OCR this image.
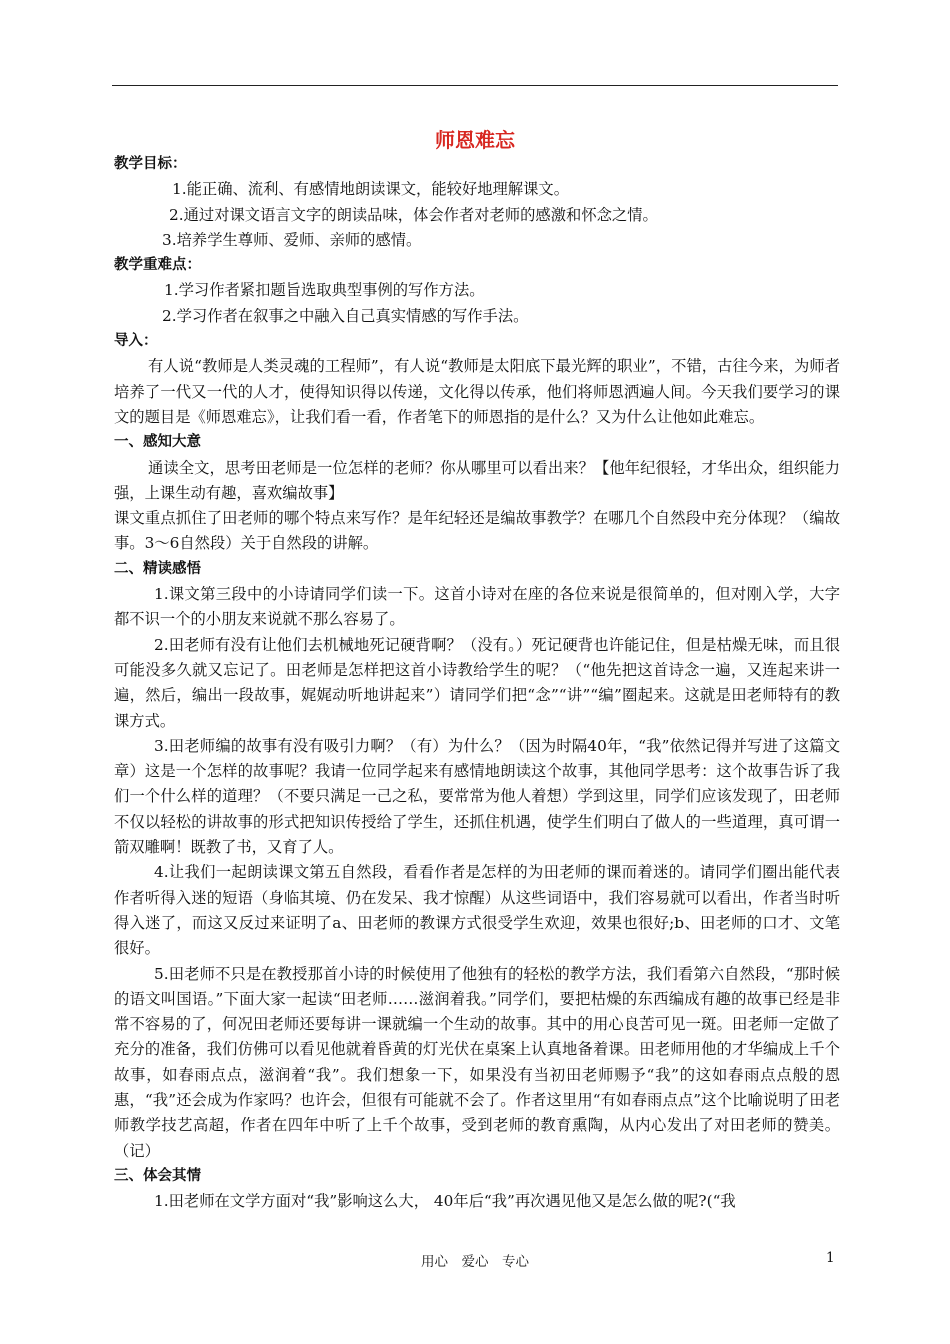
师恩难忘

教学目标：

1.能正确、流利、有感情地朗读课文，能较好地理解课文。

2.通过对课文语言文字的朗读品味，体会作者对老师的感激和怀念之情。

3.培养学生尊师、爱师、亲师的感情。

教学重难点：

1.学习作者紧扣题旨选取典型事例的写作方法。

2.学习作者在叙事之中融入自己真实情感的写作手法。

导入：

有人说“教师是人类灵魂的工程师”，有人说“教师是太阳底下最光辉的职业”，不错，古往今来，为师者培养了一代又一代的人才，使得知识得以传递，文化得以传承，他们将师恩洒遍人间。今天我们要学习的课文的题目是《师恩难忘》，让我们看一看，作者笔下的师恩指的是什么？又为什么让他如此难忘。

一、感知大意

通读全文，思考田老师是一位怎样的老师？你从哪里可以看出来？【他年纪很轻，才华出众，组织能力强，上课生动有趣，喜欢编故事】

课文重点抓住了田老师的哪个特点来写作？是年纪轻还是编故事教学？在哪几个自然段中充分体现？（编故事。3～6自然段）关于自然段的讲解。

二、精读感悟

1.课文第三段中的小诗请同学们读一下。这首小诗对在座的各位来说是很简单的，但对刚入学，大字都不识一个的小朋友来说就不那么容易了。

2.田老师有没有让他们去机械地死记硬背啊？（没有。）死记硬背也许能记住，但是枯燥无味，而且很可能没多久就又忘记了。田老师是怎样把这首小诗教给学生的呢？（“他先把这首诗念一遍，又连起来讲一遍，然后，编出一段故事，娓娓动听地讲起来”）请同学们把“念”“讲”“编”圈起来。这就是田老师特有的教课方式。

3.田老师编的故事有没有吸引力啊？（有）为什么？（因为时隔40年，“我”依然记得并写进了这篇文章）这是一个怎样的故事呢？我请一位同学起来有感情地朗读这个故事，其他同学思考：这个故事告诉了我们一个什么样的道理？（不要只满足一己之私，要常常为他人着想）学到这里，同学们应该发现了，田老师不仅以轻松的讲故事的形式把知识传授给了学生，还抓住机遇，使学生们明白了做人的一些道理，真可谓一箭双雕啊！既教了书，又育了人。

4.让我们一起朗读课文第五自然段，看看作者是怎样的为田老师的课而着迷的。请同学们圈出能代表作者听得入迷的短语（身临其境、仍在发呆、我才惊醒）从这些词语中，我们容易就可以看出，作者当时听得入迷了，而这又反过来证明了a、田老师的教课方式很受学生欢迎，效果也很好;b、田老师的口才、文笔很好。

5.田老师不只是在教授那首小诗的时候使用了他独有的轻松的教学方法，我们看第六自然段，“那时候的语文叫国语。”下面大家一起读“田老师……滋润着我。”同学们，要把枯燥的东西编成有趣的故事已经是非常不容易的了，何况田老师还要每讲一课就编一个生动的故事。其中的用心良苦可见一斑。田老师一定做了充分的准备，我们仿佛可以看见他就着昏黄的灯光伏在桌案上认真地备着课。田老师用他的才华编成上千个故事，如春雨点点，滋润着“我”。我们想象一下，如果没有当初田老师赐予“我”的这如春雨点点般的恩惠，“我”还会成为作家吗？也许会，但很有可能就不会了。作者这里用“有如春雨点点”这个比喻说明了田老师教学技艺高超，作者在四年中听了上千个故事，受到老师的教育熏陶，从内心发出了对田老师的赞美。（记）

三、体会其情

1.田老师在文学方面对“我”影响这么大， 40年后“我”再次遇见他又是怎么做的呢?(“我

用心　爱心　专心	1
